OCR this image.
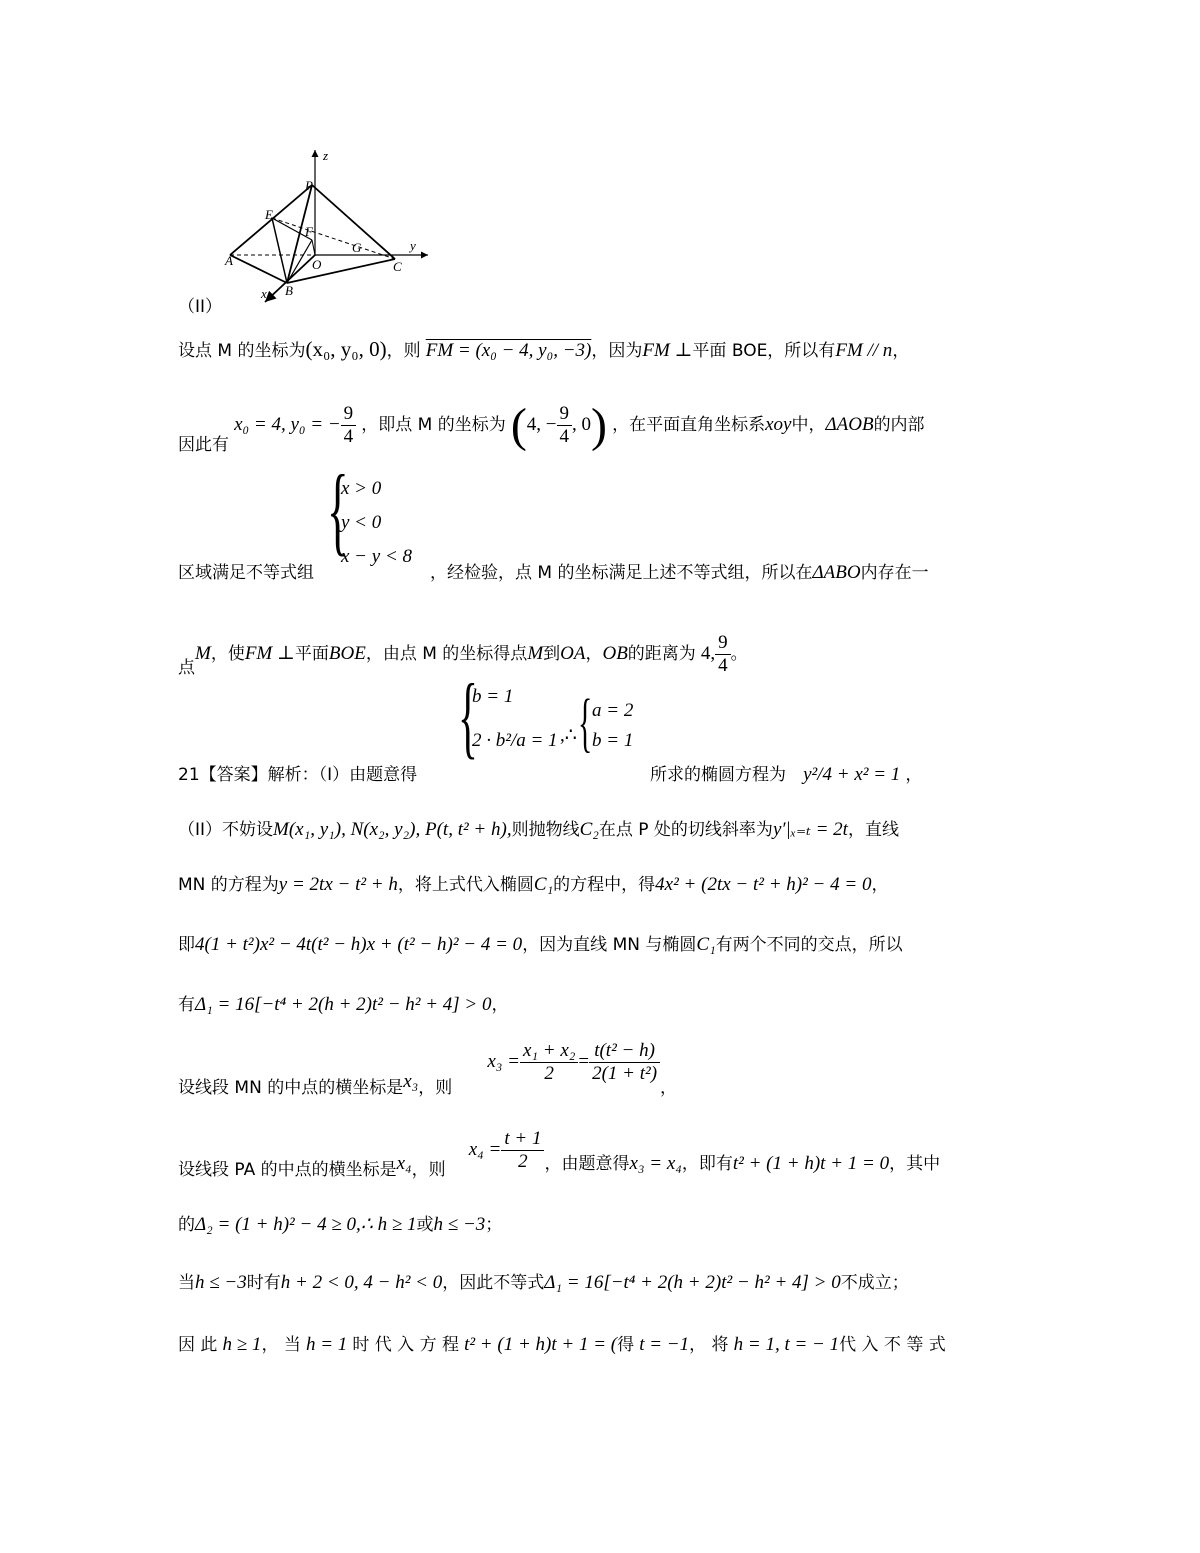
z
P
E
F
G	y
A	O	C
B
x
（II）
设点 M 的坐标为(x₀, y₀, 0)，则 FM = (x₀ − 4, y₀, −3)，因为FM ⊥平面 BOE，所以有FM // n，
因此有 x₀ = 4, y₀ = − $\frac{9}{4}$ ，即点 M 的坐标为 (4, − $\frac{9}{4}$ , 0) ，在平面直角坐标系xoy中，ΔAOB的内部
{
x > 0
y < 0
x − y < 8
区域满足不等式组	，经检验，点 M 的坐标满足上述不等式组，所以在ΔABO内存在一
点M，使FM ⊥平面BOE，由点 M 的坐标得点M到OA，OB的距离为 4, $\frac{9}{4}$ 。
{
b = 1
2 · b²/a = 1 ,∴ { a = 2
b = 1
21【答案】解析：（I）由题意得	所求的椭圆方程为 y²/4 + x² = 1 ，
（II）不妨设M(x₁, y₁), N(x₂, y₂), P(t, t² + h),则抛物线C₂在点 P 处的切线斜率为y′|ₓ₌ₜ = 2t，直线
MN 的方程为y = 2tx − t² + h，将上式代入椭圆C₁的方程中，得4x² + (2tx − t² + h)² − 4 = 0，
即4(1 + t²)x² − 4t(t² − h)x + (t² − h)² − 4 = 0，因为直线 MN 与椭圆C₁有两个不同的交点，所以
有Δ₁ = 16[−t⁴ + 2(h + 2)t² − h² + 4] > 0，
设线段 MN 的中点的横坐标是x₃，则 $x_3 = \frac{\text{x₁ + x₂}}{2} = \frac{\text{t(t² − h)}}{\text{2(1 + t²)}}$
，
设线段 PA 的中点的横坐标是x₄，则 $x_4 = \frac{t + 1}{2}$ ，由题意得x₃ = x₄，即有t² + (1 + h)t + 1 = 0，其中
的Δ₂ = (1 + h)² − 4 ≥ 0,∴ h ≥ 1或h ≤ −3；
当h ≤ −3时有h + 2 < 0, 4 − h² < 0，因此不等式Δ₁ = 16[−t⁴ + 2(h + 2)t² − h² + 4] > 0不成立；
因 此 h ≥ 1， 当 h = 1 时 代 入 方 程 t² + (1 + h)t + 1 = (得 t = −1， 将 h = 1, t = − 1代 入 不 等 式
